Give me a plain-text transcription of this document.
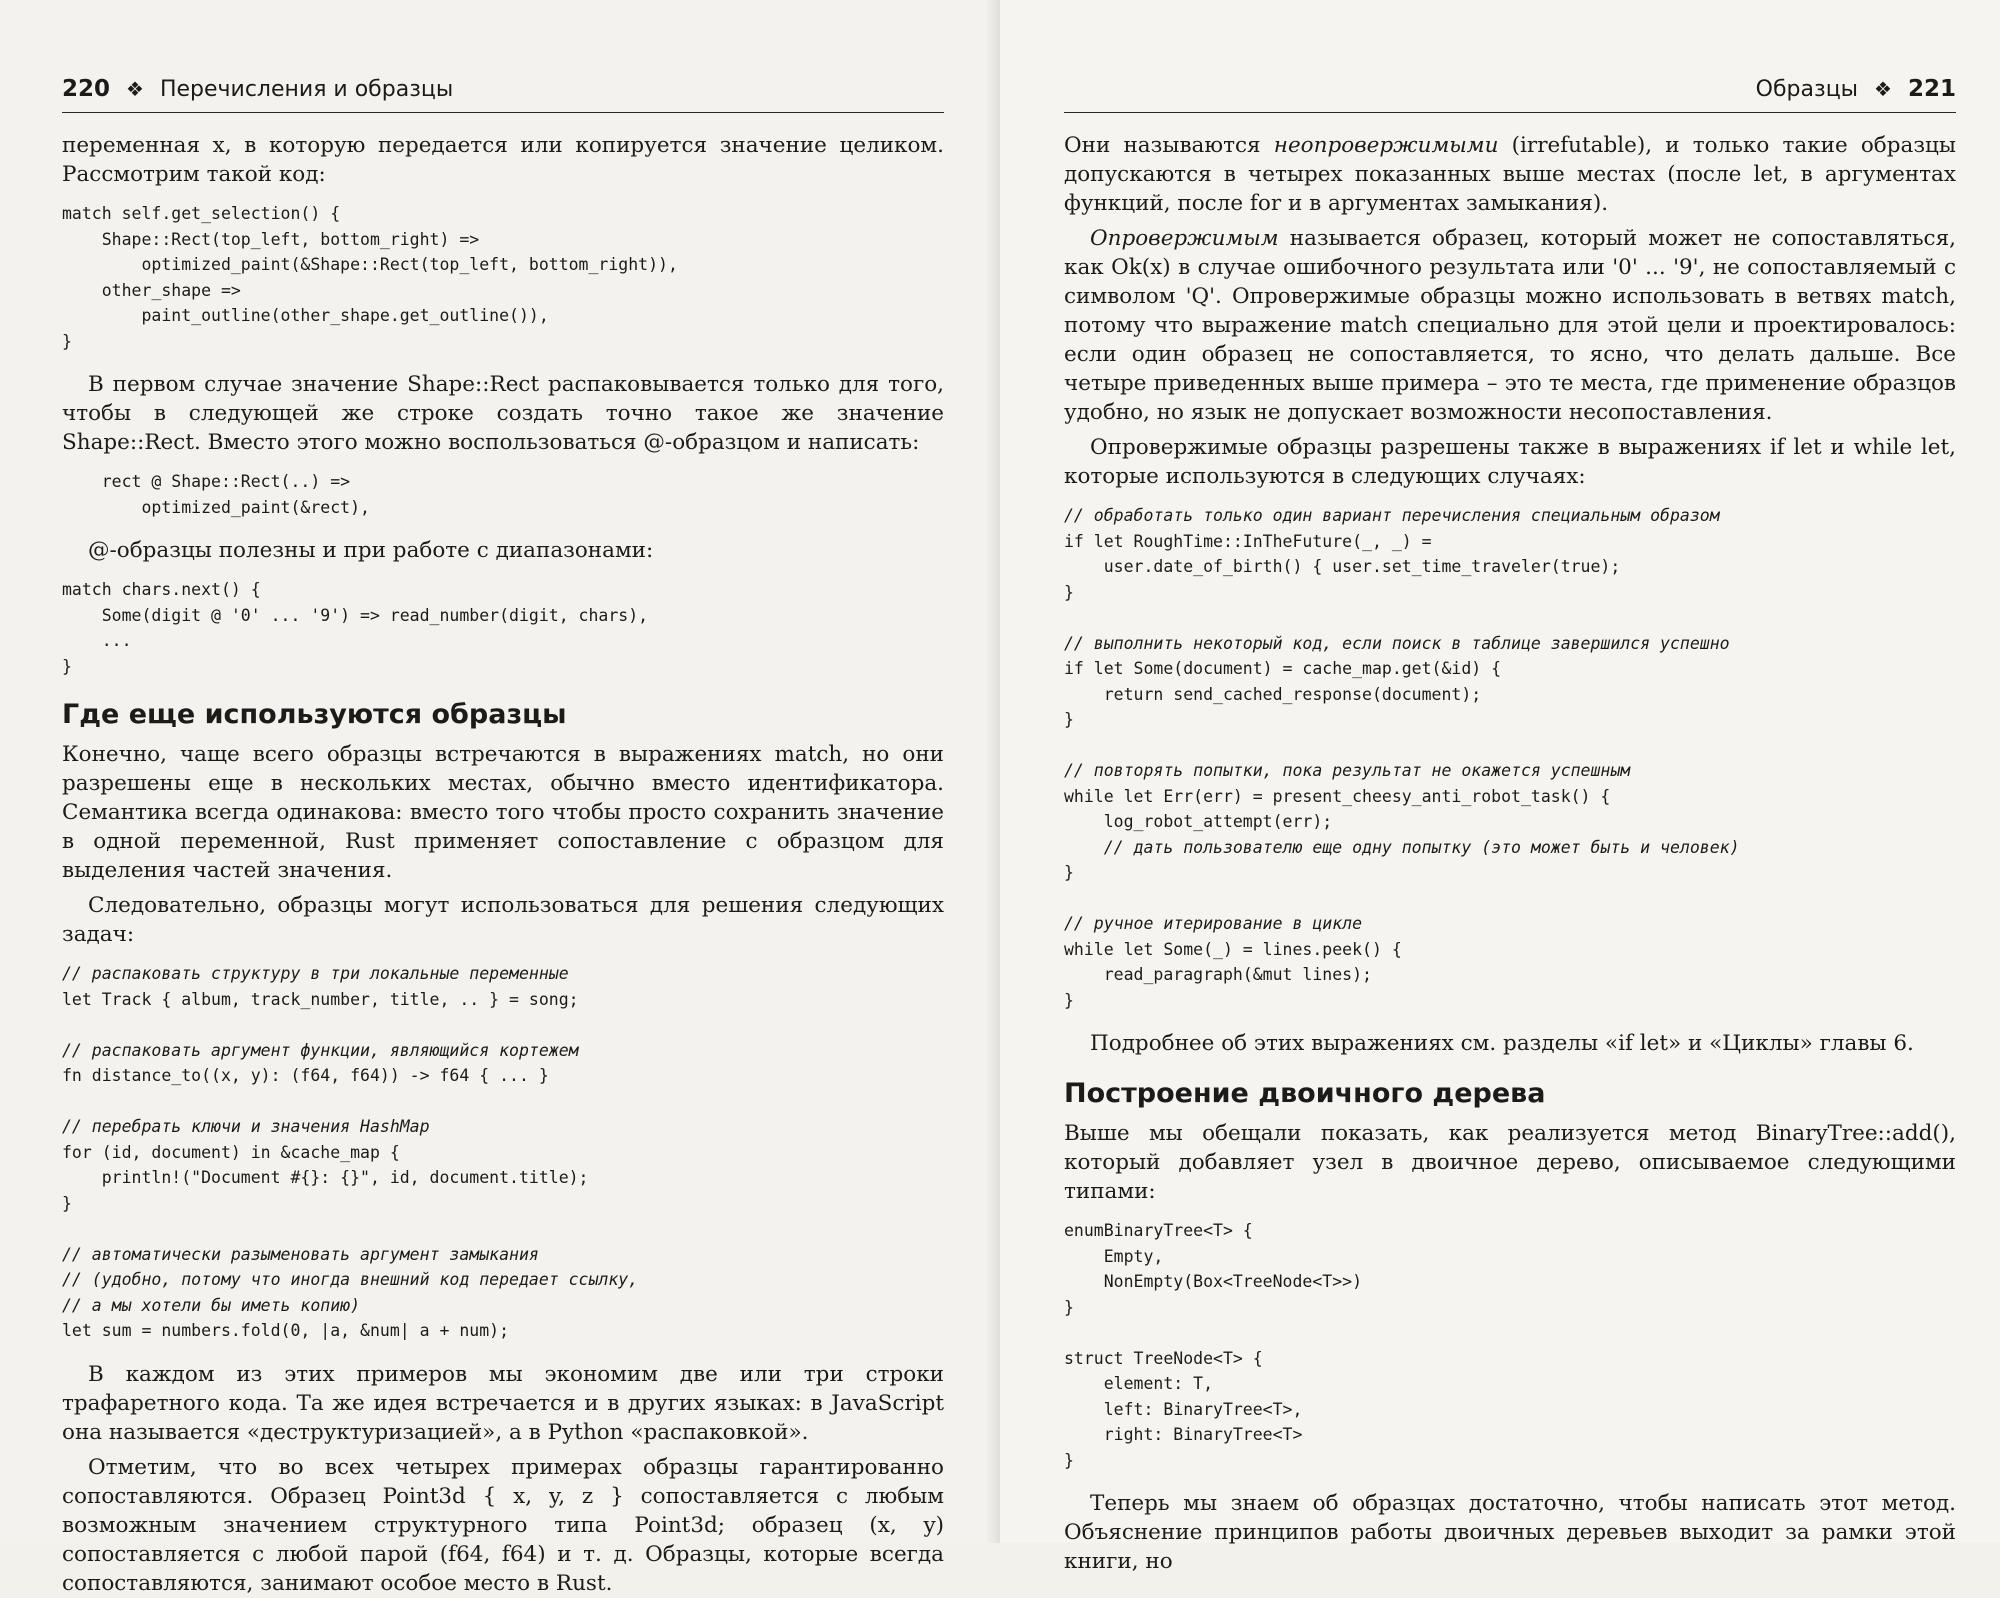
220 ❖ Перечисления и образцы

переменная x, в которую передается или копируется значение целиком. Рассмотрим такой код:

match self.get_selection() {
Shape::Rect(top_left, bottom_right) =>
optimized_paint(&Shape::Rect(top_left, bottom_right)),
other_shape =>
paint_outline(other_shape.get_outline()),
}

В первом случае значение Shape::Rect распаковывается только для того, чтобы в следующей же строке создать точно такое же значение Shape::Rect. Вместо этого можно воспользоваться @-образцом и написать:

rect @ Shape::Rect(..) =>
optimized_paint(&rect),

@-образцы полезны и при работе с диапазонами:

match chars.next() {
Some(digit @ '0' ... '9') => read_number(digit, chars),
...
}
Где еще используются образцы

Конечно, чаще всего образцы встречаются в выражениях match, но они разрешены еще в нескольких местах, обычно вместо идентификатора. Семантика всегда одинакова: вместо того чтобы просто сохранить значение в одной переменной, Rust применяет сопоставление с образцом для выделения частей значения.

Следовательно, образцы могут использоваться для решения следующих задач:

// распаковать структуру в три локальные переменные
let Track { album, track_number, title, .. } = song;

// распаковать аргумент функции, являющийся кортежем
fn distance_to((x, y): (f64, f64)) -> f64 { ... }

// перебрать ключи и значения HashMap
for (id, document) in &cache_map {
println!("Document #{}: {}", id, document.title);
}

// автоматически разыменовать аргумент замыкания
// (удобно, потому что иногда внешний код передает ссылку,
// а мы хотели бы иметь копию)
let sum = numbers.fold(0, |a, &num| a + num);

В каждом из этих примеров мы экономим две или три строки трафаретного кода. Та же идея встречается и в других языках: в JavaScript она называется «деструктуризацией», а в Python «распаковкой».

Отметим, что во всех четырех примерах образцы гарантированно сопоставляются. Образец Point3d { x, y, z } сопоставляется с любым возможным значением структурного типа Point3d; образец (x, y) сопоставляется с любой парой (f64, f64) и т. д. Образцы, которые всегда сопоставляются, занимают особое место в Rust.

Образцы ❖ 221

Они называются неопровержимыми (irrefutable), и только такие образцы допускаются в четырех показанных выше местах (после let, в аргументах функций, после for и в аргументах замыкания).

Опровержимым называется образец, который может не сопоставляться, как Ok(x) в случае ошибочного результата или '0' ... '9', не сопоставляемый с символом 'Q'. Опровержимые образцы можно использовать в ветвях match, потому что выражение match специально для этой цели и проектировалось: если один образец не сопоставляется, то ясно, что делать дальше. Все четыре приведенных выше примера – это те места, где применение образцов удобно, но язык не допускает возможности несопоставления.

Опровержимые образцы разрешены также в выражениях if let и while let, которые используются в следующих случаях:

// обработать только один вариант перечисления специальным образом
if let RoughTime::InTheFuture(_, _) =
user.date_of_birth() { user.set_time_traveler(true);
}

// выполнить некоторый код, если поиск в таблице завершился успешно
if let Some(document) = cache_map.get(&id) {
return send_cached_response(document);
}

// повторять попытки, пока результат не окажется успешным
while let Err(err) = present_cheesy_anti_robot_task() {
log_robot_attempt(err);
// дать пользователю еще одну попытку (это может быть и человек)
}

// ручное итерирование в цикле
while let Some(_) = lines.peek() {
read_paragraph(&mut lines);
}

Подробнее об этих выражениях см. разделы «if let» и «Циклы» главы 6.

Построение двоичного дерева

Выше мы обещали показать, как реализуется метод BinaryTree::add(), который добавляет узел в двоичное дерево, описываемое следующими типами:

enumBinaryTree<T> {
Empty,
NonEmpty(Box<TreeNode<T>>)
}

struct TreeNode<T> {
element: T,
left: BinaryTree<T>,
right: BinaryTree<T>
}

Теперь мы знаем об образцах достаточно, чтобы написать этот метод. Объяснение принципов работы двоичных деревьев выходит за рамки этой книги, но
